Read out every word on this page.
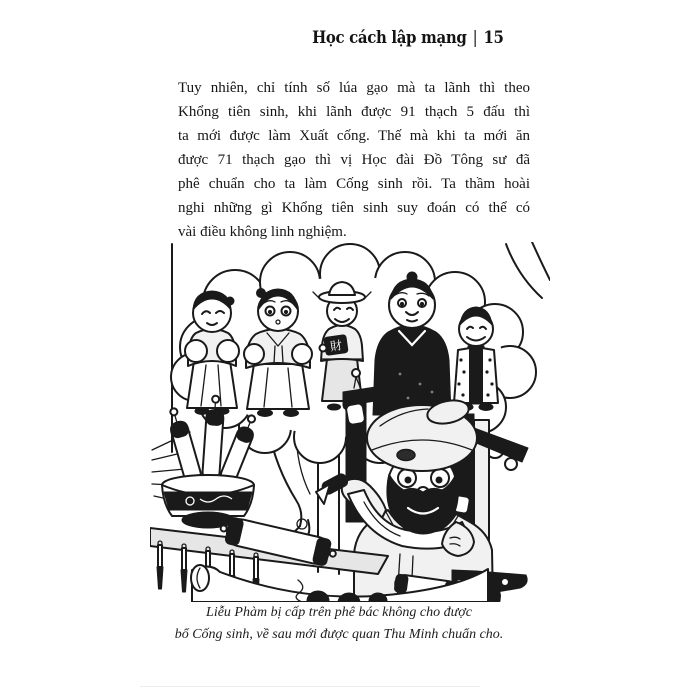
Học cách lập mạng | 15
Tuy nhiên, chỉ tính số lúa gạo mà ta lãnh thì theo
Khổng tiên sinh, khi lãnh được 91 thạch 5 đấu thì
ta mới được làm Xuất cống. Thế mà khi ta mới ăn
được 71 thạch gạo thì vị Học đài Đồ Tông sư đã
phê chuẩn cho ta làm Cống sinh rồi. Ta thầm hoài
nghi những gì Khổng tiên sinh suy đoán có thể có
vài điều không linh nghiệm.
財
Liễu Phàm bị cấp trên phê bác không cho được
bổ Cống sinh, về sau mới được quan Thu Minh chuẩn cho.
